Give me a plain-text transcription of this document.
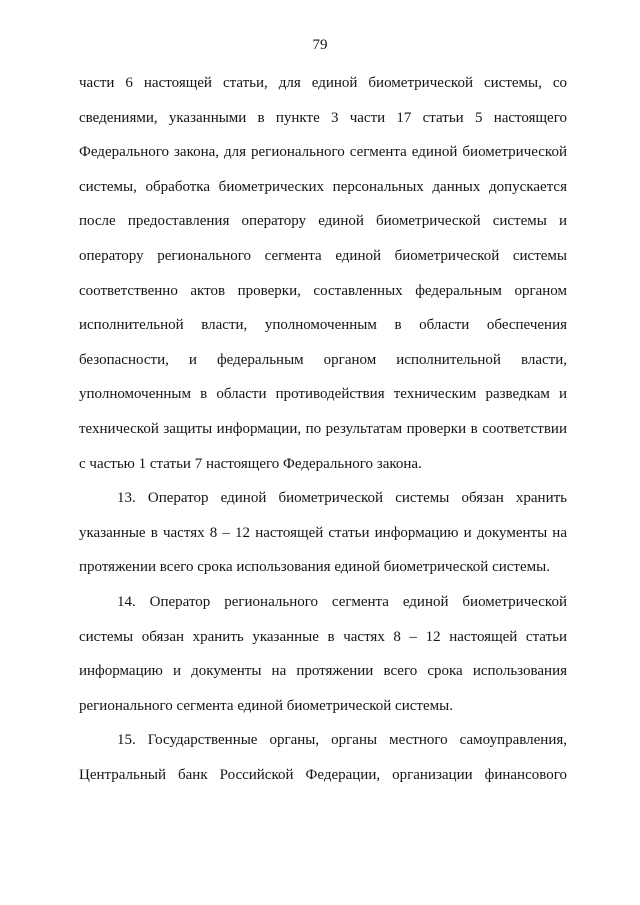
79
части 6 настоящей статьи, для единой биометрической системы, со
сведениями, указанными в пункте 3 части 17 статьи 5 настоящего
Федерального закона, для регионального сегмента единой биометрической
системы, обработка биометрических персональных данных допускается
после предоставления оператору единой биометрической системы и
оператору регионального сегмента единой биометрической системы
соответственно актов проверки, составленных федеральным органом
исполнительной власти, уполномоченным в области обеспечения
безопасности, и федеральным органом исполнительной власти,
уполномоченным в области противодействия техническим разведкам и
технической защиты информации, по результатам проверки в соответствии
с частью 1 статьи 7 настоящего Федерального закона.
13. Оператор единой биометрической системы обязан хранить
указанные в частях 8 – 12 настоящей статьи информацию и документы на
протяжении всего срока использования единой биометрической системы.
14. Оператор регионального сегмента единой биометрической
системы обязан хранить указанные в частях 8 – 12 настоящей статьи
информацию и документы на протяжении всего срока использования
регионального сегмента единой биометрической системы.
15. Государственные органы, органы местного самоуправления,
Центральный банк Российской Федерации, организации финансового
